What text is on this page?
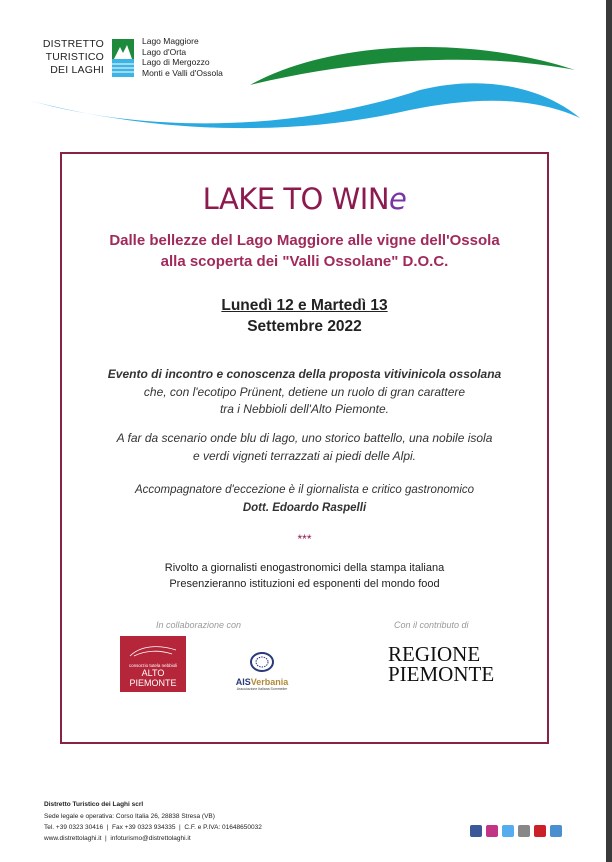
DISTRETTO
TURISTICO
DEI LAGHI
Lago Maggiore
Lago d'Orta
Lago di Mergozzo
Monti e Valli d'Ossola
LAKE TO WINe
Dalle bellezze del Lago Maggiore alle vigne dell'Ossola
alla scoperta dei "Valli Ossolane" D.O.C.
Lunedì 12 e Martedì 13
Settembre 2022
Evento di incontro e conoscenza della proposta vitivinicola ossolana
che, con l'ecotipo Prünent, detiene un ruolo di gran carattere
tra i Nebbioli dell'Alto Piemonte.
A far da scenario onde blu di lago, uno storico battello, una nobile isola
e verdi vigneti terrazzati ai piedi delle Alpi.
Accompagnatore d'eccezione è il giornalista e critico gastronomico
Dott. Edoardo Raspelli
***
Rivolto a giornalisti enogastronomici della stampa italiana
Presenzieranno istituzioni ed esponenti del mondo food
In collaborazione con	Con il contributo di
consorzio tutela nebbioli
ALTO PIEMONTE	AISVerbania
Associazione Italiana Sommelier
REGIONE
PIEMONTE
Distretto Turistico dei Laghi scrl
Sede legale e operativa: Corso Italia 26, 28838 Stresa (VB)
Tel. +39 0323 30416  |  Fax +39 0323 934335  |  C.F. e P.IVA: 01648650032
www.distrettolaghi.it  |  infoturismo@distrettolaghi.it
